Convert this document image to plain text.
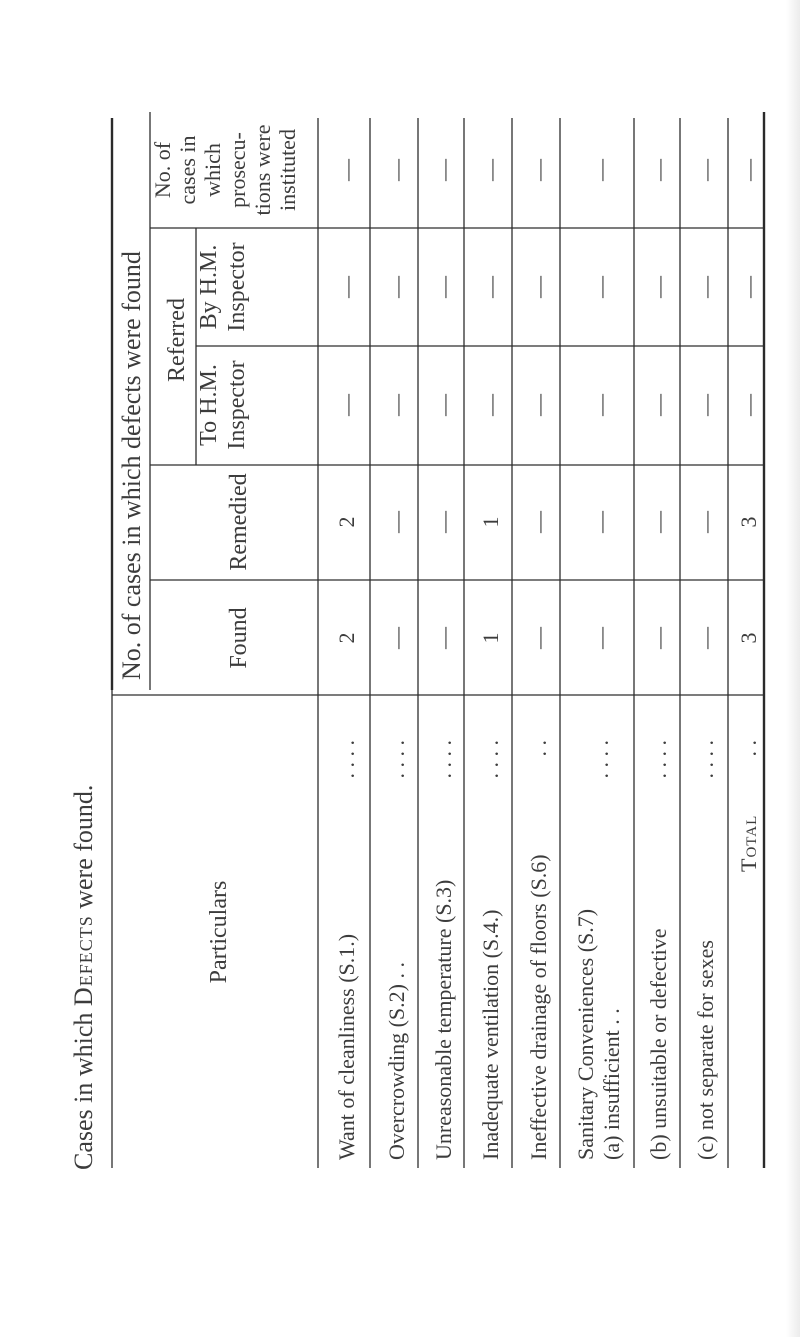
Cases in which Defects were found.
No. of cases in which defects were found Referred
Particulars
Found
Remedied
To H.M. Inspector
By H.M. Inspector
No. of cases in which prosecu- tions were instituted
Want of cleanliness (S.1.)
. . . .
2
2
—
—
—
Overcrowding (S.2) . .
. . . .
—
—
—
—
—
Unreasonable temperature (S.3)
. . . .
—
—
—
—
—
Inadequate ventilation (S.4.)
. . . .
1
1
—
—
—
Ineffective drainage of floors (S.6)
. .
—
—
—
—
—
Sanitary Conveniences (S.7) (a) insufficient . .
. . . .
—
—
—
—
—
(b) unsuitable or defective
. . . .
—
—
—
—
—
(c) not separate for sexes
. . . .
—
—
—
—
—
Total
. .
3
3
—
—
—
